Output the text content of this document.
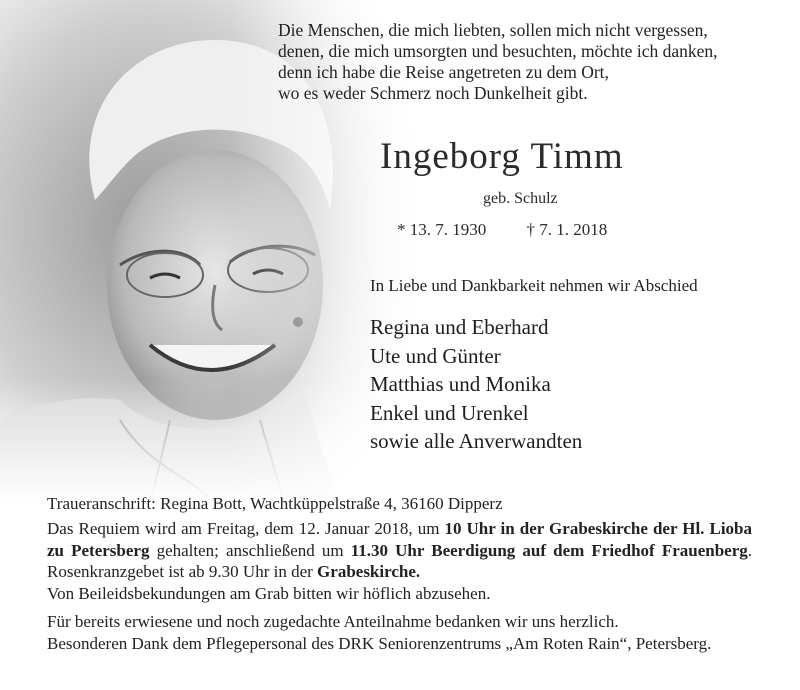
Die Menschen, die mich liebten, sollen mich nicht vergessen,
denen, die mich umsorgten und besuchten, möchte ich danken,
denn ich habe die Reise angetreten zu dem Ort,
wo es weder Schmerz noch Dunkelheit gibt.
Ingeborg Timm
geb. Schulz
* 13. 7. 1930 † 7. 1. 2018
In Liebe und Dankbarkeit nehmen wir Abschied
Regina und Eberhard
Ute und Günter
Matthias und Monika
Enkel und Urenkel
sowie alle Anverwandten
Traueranschrift: Regina Bott, Wachtküppelstraße 4, 36160 Dipperz

Das Requiem wird am Freitag, dem 12. Januar 2018, um 10 Uhr in der Grabeskirche der Hl. Lioba zu Petersberg gehalten; anschließend um 11.30 Uhr Beerdigung auf dem Friedhof Frauenberg. Rosenkranzgebet ist ab 9.30 Uhr in der Grabeskirche.

Von Beileidsbekundungen am Grab bitten wir höflich abzusehen.

Für bereits erwiesene und noch zugedachte Anteilnahme bedanken wir uns herzlich.

Besonderen Dank dem Pflegepersonal des DRK Seniorenzentrums „Am Roten Rain“, Petersberg.
